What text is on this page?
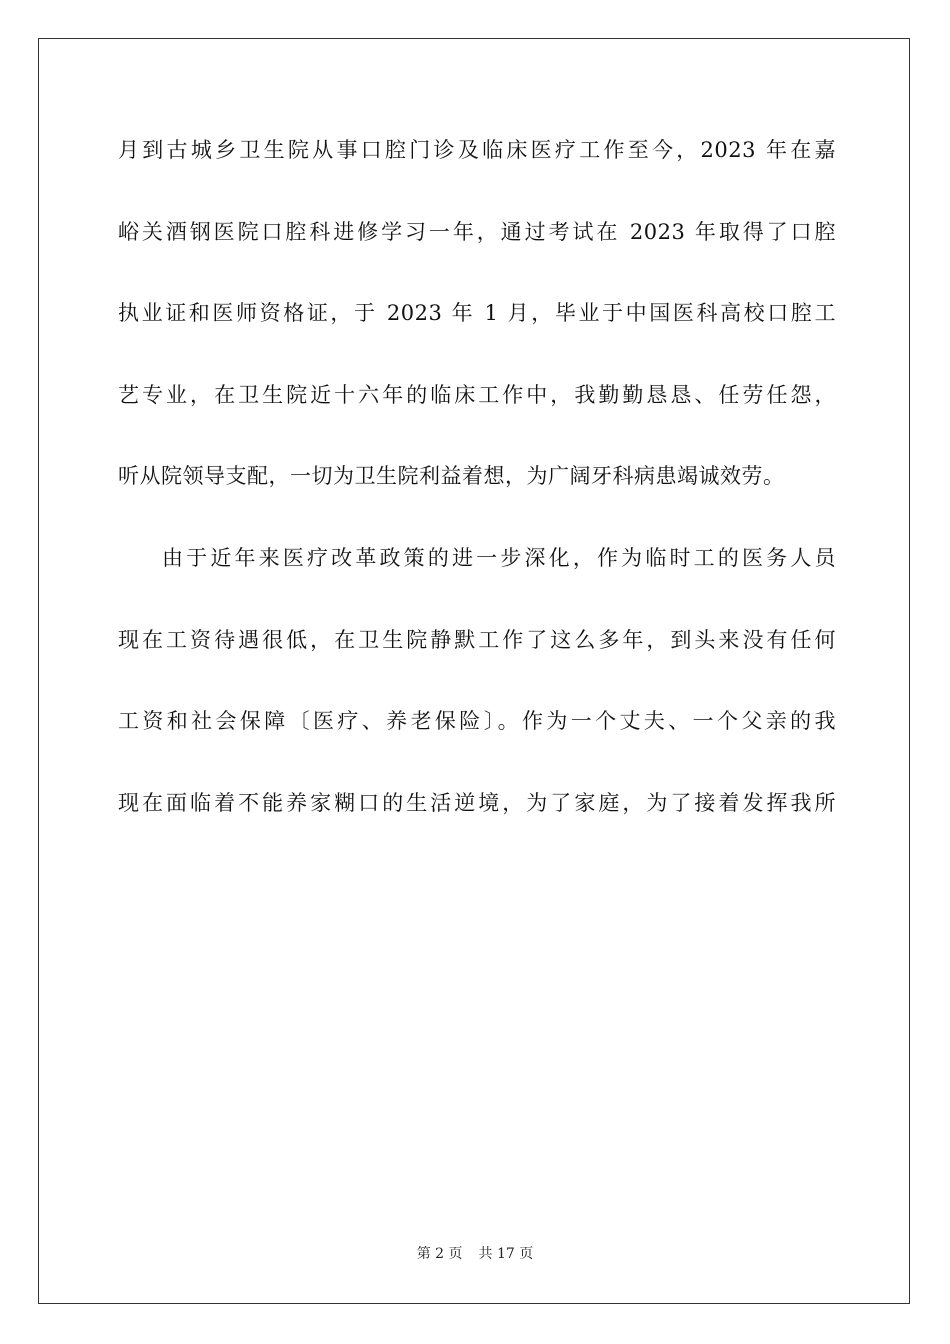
月到古城乡卫生院从事口腔门诊及临床医疗工作至今，2023 年在嘉
峪关酒钢医院口腔科进修学习一年，通过考试在 2023 年取得了口腔
执业证和医师资格证，于 2023 年 1 月，毕业于中国医科高校口腔工
艺专业，在卫生院近十六年的临床工作中，我勤勤恳恳、任劳任怨，
听从院领导支配，一切为卫生院利益着想，为广阔牙科病患竭诚效劳。
由于近年来医疗改革政策的进一步深化，作为临时工的医务人员
现在工资待遇很低，在卫生院静默工作了这么多年，到头来没有任何
工资和社会保障〔医疗、养老保险〕。作为一个丈夫、一个父亲的我
现在面临着不能养家糊口的生活逆境，为了家庭，为了接着发挥我所
第 2 页 共 17 页
